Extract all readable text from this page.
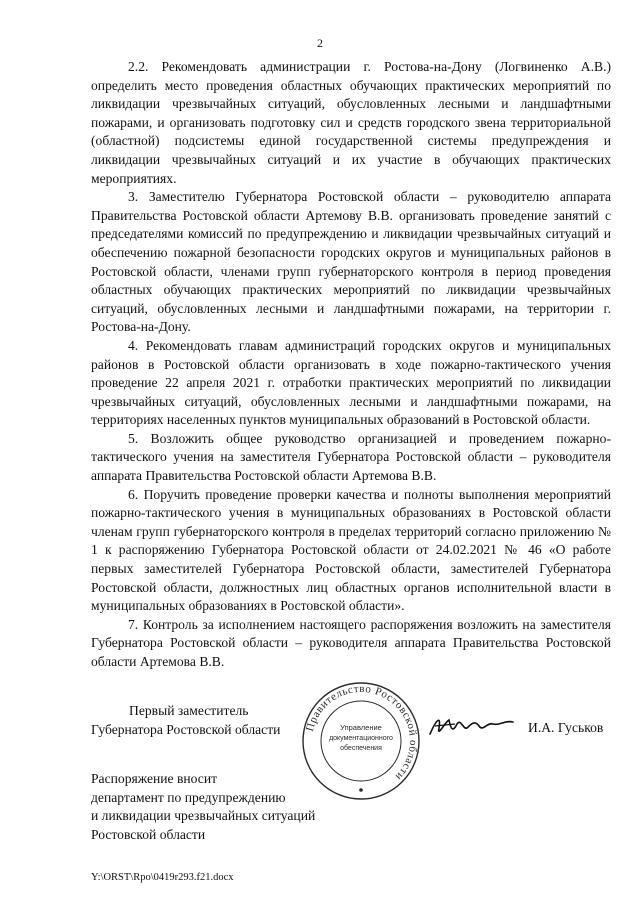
2

2.2. Рекомендовать администрации г. Ростова-на-Дону (Логвиненко А.В.) определить место проведения областных обучающих практических мероприятий по ликвидации чрезвычайных ситуаций, обусловленных лесными и ландшафтными пожарами, и организовать подготовку сил и средств городского звена территориальной (областной) подсистемы единой государственной системы предупреждения и ликвидации чрезвычайных ситуаций и их участие в обучающих практических мероприятиях.

3. Заместителю Губернатора Ростовской области – руководителю аппарата Правительства Ростовской области Артемову В.В. организовать проведение занятий с председателями комиссий по предупреждению и ликвидации чрезвычайных ситуаций и обеспечению пожарной безопасности городских округов и муниципальных районов в Ростовской области, членами групп губернаторского контроля в период проведения областных обучающих практических мероприятий по ликвидации чрезвычайных ситуаций, обусловленных лесными и ландшафтными пожарами, на территории г. Ростова-на-Дону.

4. Рекомендовать главам администраций городских округов и муниципальных районов в Ростовской области организовать в ходе пожарно-тактического учения проведение 22 апреля 2021 г. отработки практических мероприятий по ликвидации чрезвычайных ситуаций, обусловленных лесными и ландшафтными пожарами, на территориях населенных пунктов муниципальных образований в Ростовской области.

5. Возложить общее руководство организацией и проведением пожарно-тактического учения на заместителя Губернатора Ростовской области – руководителя аппарата Правительства Ростовской области Артемова В.В.

6. Поручить проведение проверки качества и полноты выполнения мероприятий пожарно-тактического учения в муниципальных образованиях в Ростовской области членам групп губернаторского контроля в пределах территорий согласно приложению № 1 к распоряжению Губернатора Ростовской области от 24.02.2021 № 46 «О работе первых заместителей Губернатора Ростовской области, заместителей Губернатора Ростовской области, должностных лиц областных органов исполнительной власти в муниципальных образованиях в Ростовской области».

7. Контроль за исполнением настоящего распоряжения возложить на заместителя Губернатора Ростовской области – руководителя аппарата Правительства Ростовской области Артемова В.В.

Первый заместитель
Губернатора Ростовской области Правительство Ростовской области
Управление
документационного
обеспечения
И.А. Гуськов
Распоряжение вносит
департамент по предупреждению
и ликвидации чрезвычайных ситуаций
Ростовской области
Y:\ORST\Rpo\0419r293.f21.docx
